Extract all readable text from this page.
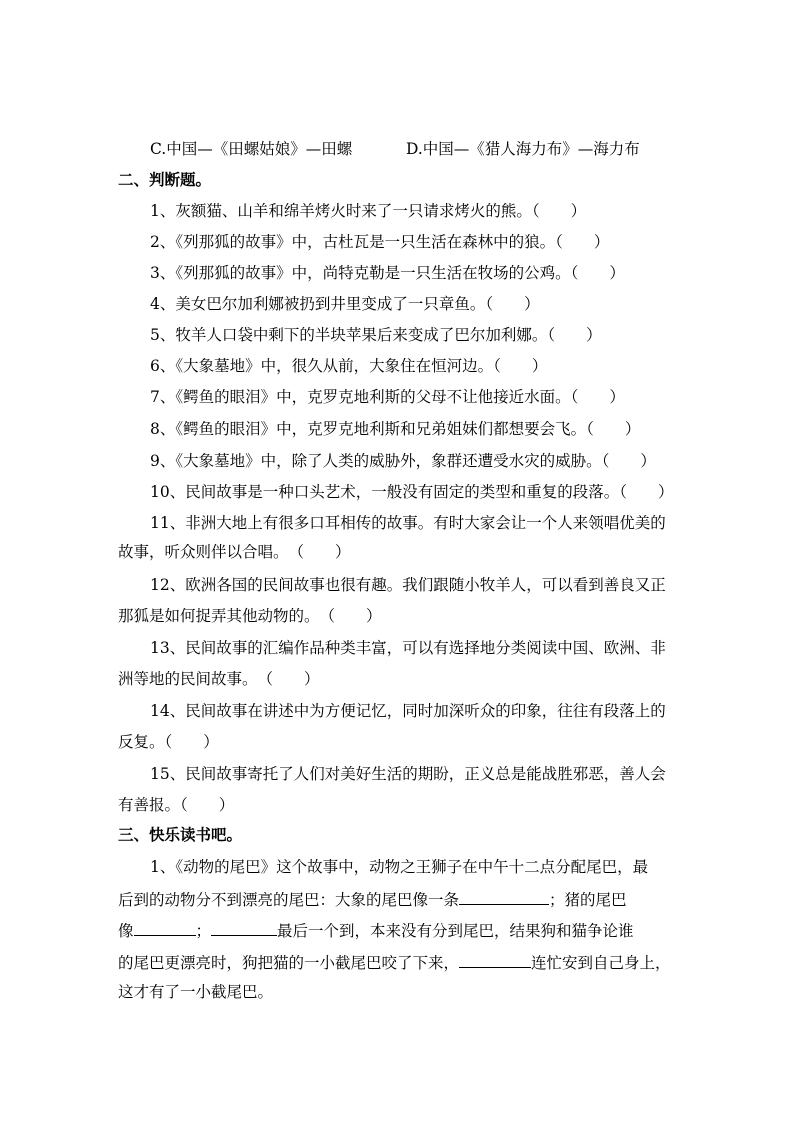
C.中国—《田螺姑娘》—田螺	D.中国—《猎人海力布》—海力布
二、判断题。
1、灰额猫、山羊和绵羊烤火时来了一只请求烤火的熊。（　　）
2、《列那狐的故事》中，古杜瓦是一只生活在森林中的狼。（　　）
3、《列那狐的故事》中，尚特克勒是一只生活在牧场的公鸡。（　　）
4、美女巴尔加利娜被扔到井里变成了一只章鱼。（　　）
5、牧羊人口袋中剩下的半块苹果后来变成了巴尔加利娜。（　　）
6、《大象墓地》中，很久从前，大象住在恒河边。（　　）
7、《鳄鱼的眼泪》中，克罗克地利斯的父母不让他接近水面。（　　）
8、《鳄鱼的眼泪》中，克罗克地利斯和兄弟姐妹们都想要会飞。（　　）
9、《大象墓地》中，除了人类的威胁外，象群还遭受水灾的威胁。（　　）
10、民间故事是一种口头艺术，一般没有固定的类型和重复的段落。（　　）
11、非洲大地上有很多口耳相传的故事。有时大家会让一个人来领唱优美的
故事，听众则伴以合唱。　（　　）
12、欧洲各国的民间故事也很有趣。我们跟随小牧羊人，可以看到善良又正
那狐是如何捉弄其他动物的。　（　　）
13、民间故事的汇编作品种类丰富，可以有选择地分类阅读中国、欧洲、非
洲等地的民间故事。　（　　）
14、民间故事在讲述中为方便记忆，同时加深听众的印象，往往有段落上的
反复。（　　）
15、民间故事寄托了人们对美好生活的期盼，正义总是能战胜邪恶，善人会
有善报。（　　）
三、快乐读书吧。
1、《动物的尾巴》这个故事中，动物之王狮子在中午十二点分配尾巴，最
后到的动物分不到漂亮的尾巴：大象的尾巴像一条	；猪的尾巴
像	；	最后一个到，本来没有分到尾巴，结果狗和猫争论谁
的尾巴更漂亮时，狗把猫的一小截尾巴咬了下来，	连忙安到自己身上，
这才有了一小截尾巴。
